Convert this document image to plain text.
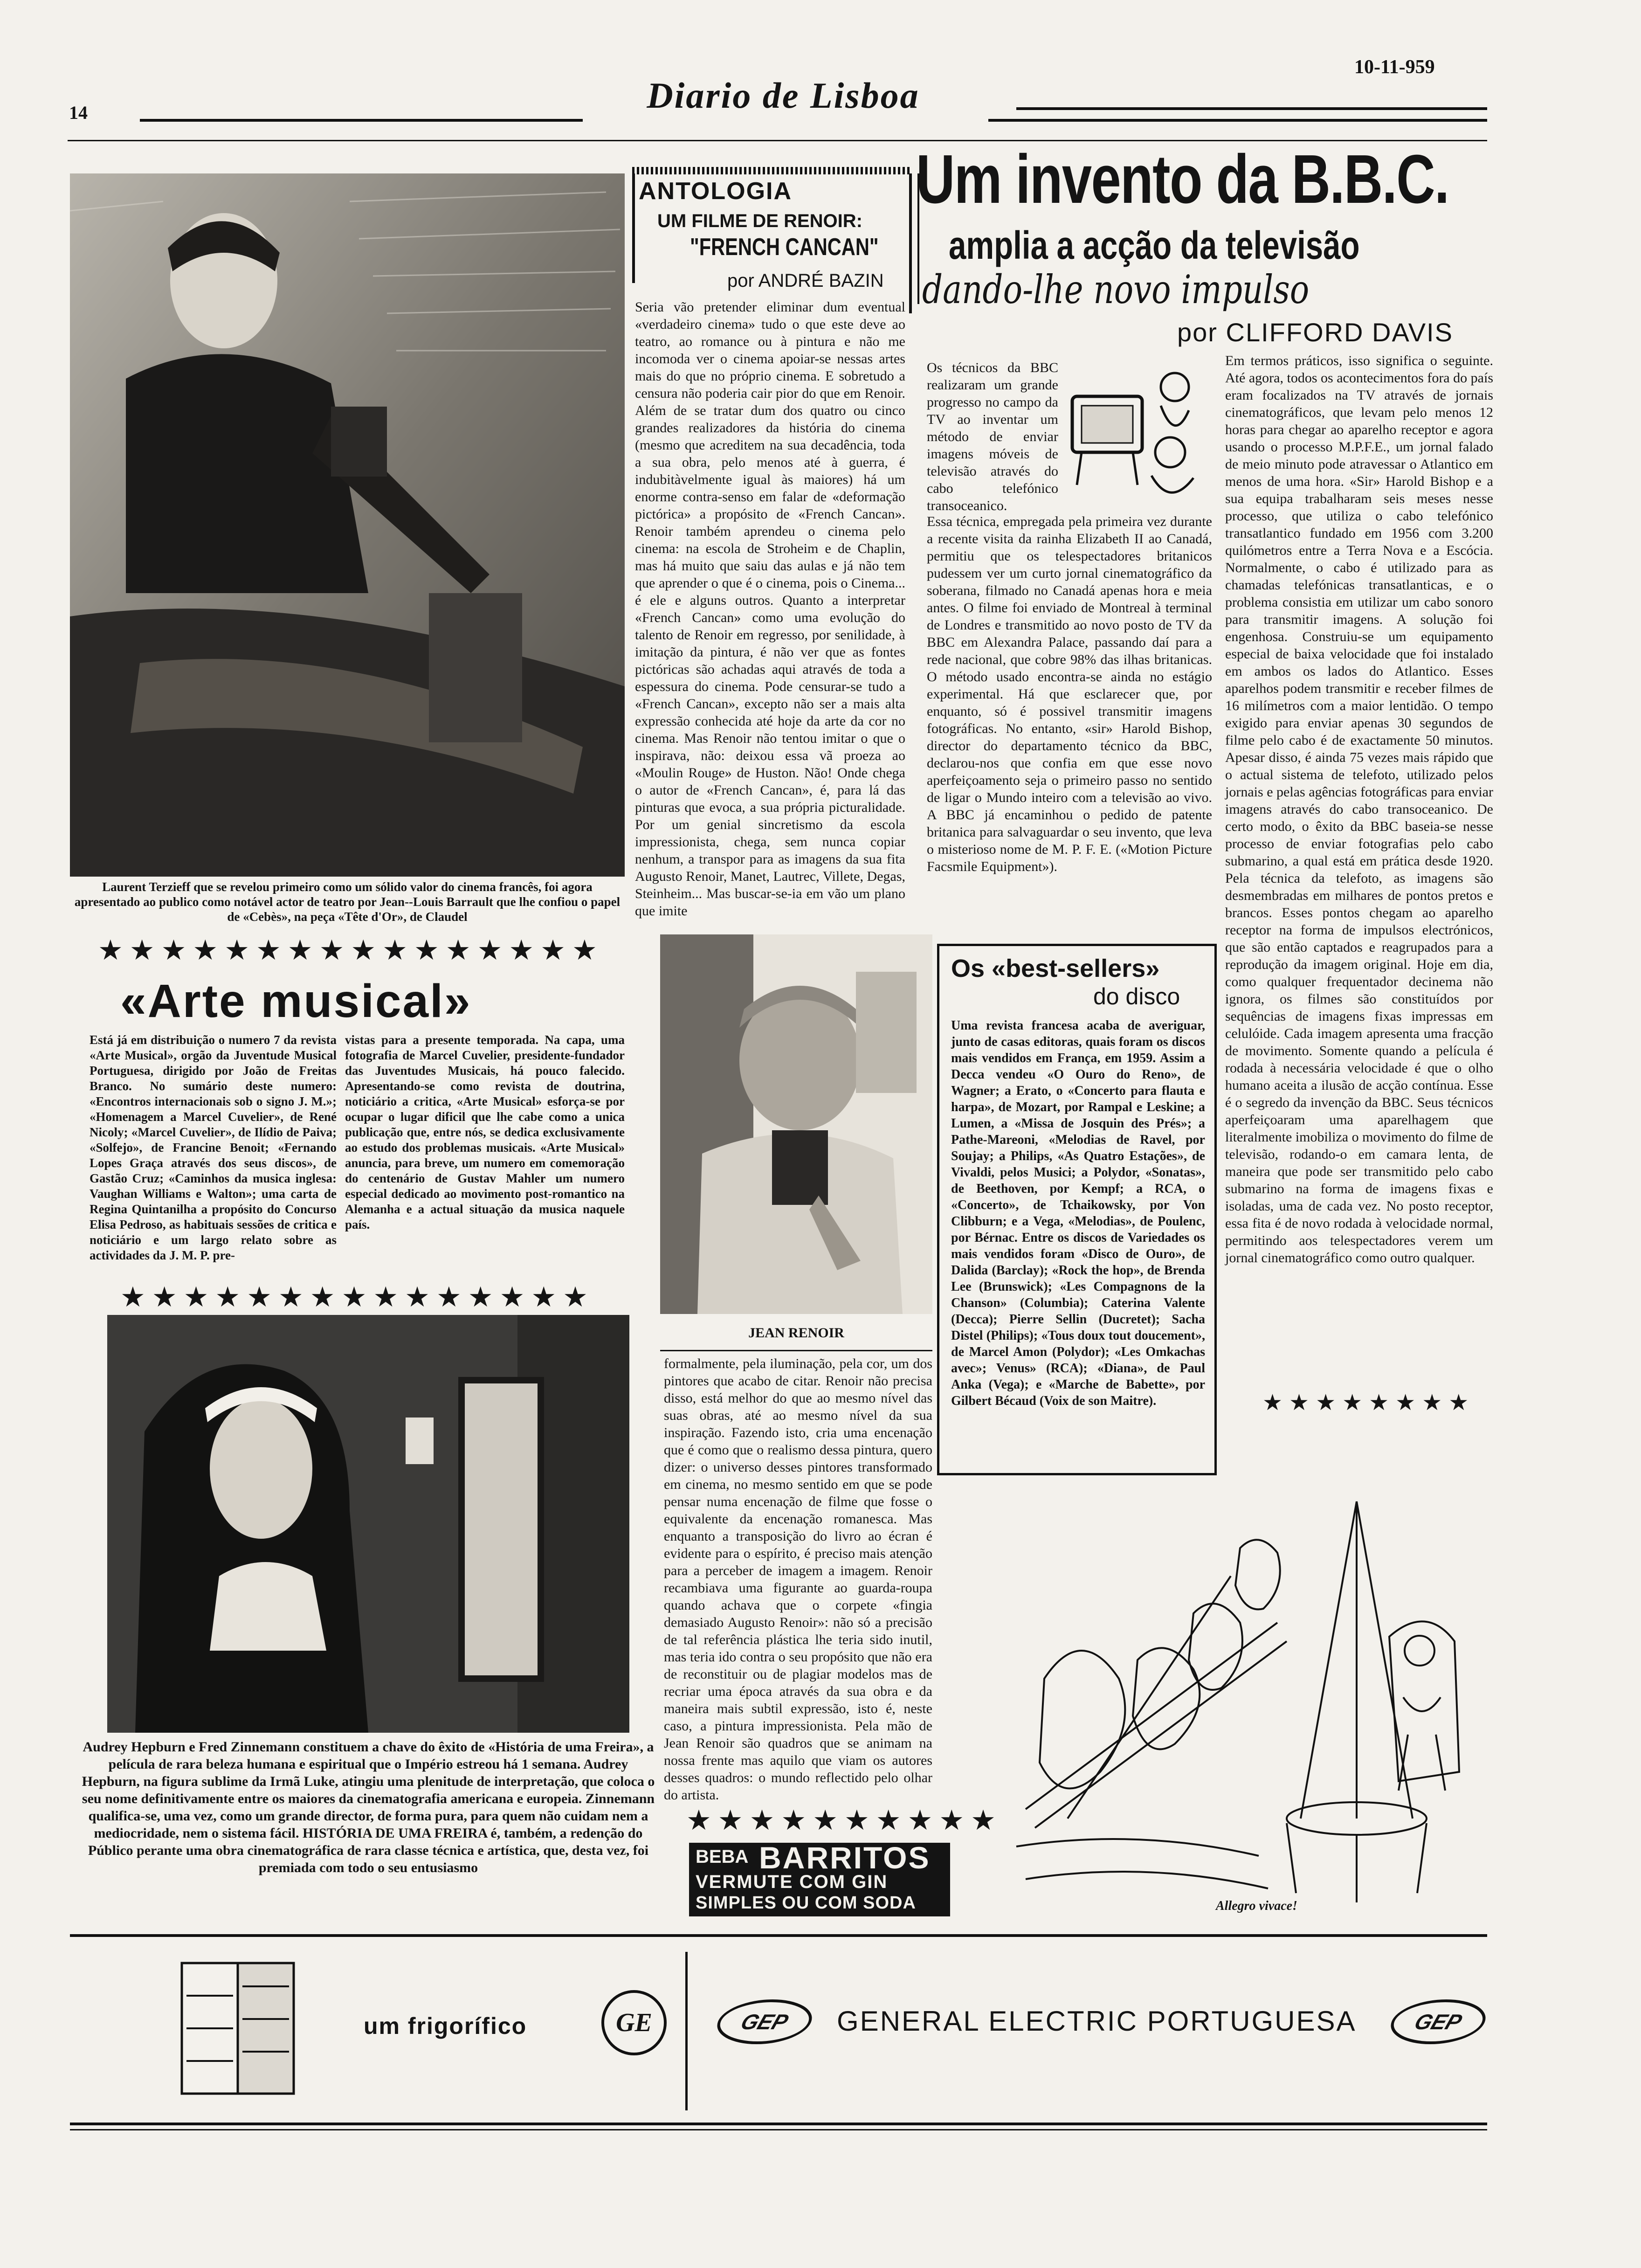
14	Diario de Lisboa
10-11-959
Laurent Terzieff que se revelou primeiro como um sólido valor do cinema francês, foi agora apresentado ao publico como notável actor de teatro por Jean--Louis Barrault que lhe confiou o papel de «Cebès», na peça «Tête d'Or», de Claudel
ANTOLOGIA
UM FILME DE RENOIR:
"FRENCH CANCAN"
por ANDRÉ BAZIN
Seria vão pretender eliminar dum eventual «verdadeiro cinema» tudo o que este deve ao teatro, ao romance ou à pintura e não me incomoda ver o cinema apoiar-se nessas artes mais do que no próprio cinema. E sobretudo a censura não poderia cair pior do que em Renoir. Além de se tratar dum dos quatro ou cinco grandes realizadores da história do cinema (mesmo que acreditem na sua decadência, toda a sua obra, pelo menos até à guerra, é indubitàvelmente igual às maiores) há um enorme contra-senso em falar de «deformação pictórica» a propósito de «French Cancan». Renoir também aprendeu o cinema pelo cinema: na escola de Stroheim e de Chaplin, mas há muito que saiu das aulas e já não tem que aprender o que é o cinema, pois o Cinema... é ele e alguns outros. Quanto a interpretar «French Cancan» como uma evolução do talento de Renoir em regresso, por senilidade, à imitação da pintura, é não ver que as fontes pictóricas são achadas aqui através de toda a espessura do cinema. Pode censurar-se tudo a «French Cancan», excepto não ser a mais alta expressão conhecida até hoje da arte da cor no cinema. Mas Renoir não tentou imitar o que o inspirava, não: deixou essa vã proeza ao «Moulin Rouge» de Huston. Não! Onde chega o autor de «French Cancan», é, para lá das pinturas que evoca, a sua própria picturalidade. Por um genial sincretismo da escola impressionista, chega, sem nunca copiar nenhum, a transpor para as imagens da sua fita Augusto Renoir, Manet, Lautrec, Villete, Degas, Steinheim... Mas buscar-se-ia em vão um plano que imite
JEAN RENOIR
formalmente, pela iluminação, pela cor, um dos pintores que acabo de citar. Renoir não precisa disso, está melhor do que ao mesmo nível das suas obras, até ao mesmo nível da sua inspiração. Fazendo isto, cria uma encenação que é como que o realismo dessa pintura, quero dizer: o universo desses pintores transformado em cinema, no mesmo sentido em que se pode pensar numa encenação de filme que fosse o equivalente da encenação romanesca. Mas enquanto a transposição do livro ao écran é evidente para o espírito, é preciso mais atenção para a perceber de imagem a imagem. Renoir recambiava uma figurante ao guarda-roupa quando achava que o corpete «fingia demasiado Augusto Renoir»: não só a precisão de tal referência plástica lhe teria sido inutil, mas teria ido contra o seu propósito que não era de reconstituir ou de plagiar modelos mas de recriar uma época através da sua obra e da maneira mais subtil expressão, isto é, neste caso, a pintura impressionista. Pela mão de Jean Renoir são quadros que se animam na nossa frente mas aquilo que viam os autores desses quadros: o mundo reflectido pelo olhar do artista.
★★★★★★★★★★
BEBA BARRITOS
VERMUTE COM GIN
SIMPLES OU COM SODA
Um invento da B.B.C.
amplia a acção da televisão
dando-lhe novo impulso
por CLIFFORD DAVIS
Os técnicos da BBC realizaram um grande progresso no campo da TV ao inventar um método de enviar imagens móveis de televisão através do cabo telefónico transoceanico.
Essa técnica, empregada pela primeira vez durante a recente visita da rainha Elizabeth II ao Canadá, permitiu que os telespectadores britanicos pudessem ver um curto jornal cinematográfico da soberana, filmado no Canadá apenas hora e meia antes. O filme foi enviado de Montreal à terminal de Londres e transmitido ao novo posto de TV da BBC em Alexandra Palace, passando daí para a rede nacional, que cobre 98% das ilhas britanicas. O método usado encontra-se ainda no estágio experimental. Há que esclarecer que, por enquanto, só é possivel transmitir imagens fotográficas. No entanto, «sir» Harold Bishop, director do departamento técnico da BBC, declarou-nos que confia em que esse novo aperfeiçoamento seja o primeiro passo no sentido de ligar o Mundo inteiro com a televisão ao vivo. A BBC já encaminhou o pedido de patente britanica para salvaguardar o seu invento, que leva o misterioso nome de M. P. F. E. («Motion Picture Facsmile Equipment»).
Em termos práticos, isso significa o seguinte. Até agora, todos os acontecimentos fora do país eram focalizados na TV através de jornais cinematográficos, que levam pelo menos 12 horas para chegar ao aparelho receptor e agora usando o processo M.P.F.E., um jornal falado de meio minuto pode atravessar o Atlantico em menos de uma hora. «Sir» Harold Bishop e a sua equipa trabalharam seis meses nesse processo, que utiliza o cabo telefónico transatlantico fundado em 1956 com 3.200 quilómetros entre a Terra Nova e a Escócia. Normalmente, o cabo é utilizado para as chamadas telefónicas transatlanticas, e o problema consistia em utilizar um cabo sonoro para transmitir imagens. A solução foi engenhosa. Construiu-se um equipamento especial de baixa velocidade que foi instalado em ambos os lados do Atlantico. Esses aparelhos podem transmitir e receber filmes de 16 milímetros com a maior lentidão. O tempo exigido para enviar apenas 30 segundos de filme pelo cabo é de exactamente 50 minutos. Apesar disso, é ainda 75 vezes mais rápido que o actual sistema de telefoto, utilizado pelos jornais e pelas agências fotográficas para enviar imagens através do cabo transoceanico. De certo modo, o êxito da BBC baseia-se nesse processo de enviar fotografias pelo cabo submarino, a qual está em prática desde 1920. Pela técnica da telefoto, as imagens são desmembradas em milhares de pontos pretos e brancos. Esses pontos chegam ao aparelho receptor na forma de impulsos electrónicos, que são então captados e reagrupados para a reprodução da imagem original. Hoje em dia, como qualquer frequentador decinema não ignora, os filmes são constituídos por sequências de imagens fixas impressas em celulóide. Cada imagem apresenta uma fracção de movimento. Somente quando a película é rodada à necessária velocidade é que o olho humano aceita a ilusão de acção contínua. Esse é o segredo da invenção da BBC. Seus técnicos aperfeiçoaram uma aparelhagem que literalmente imobiliza o movimento do filme de televisão, rodando-o em camara lenta, de maneira que pode ser transmitido pelo cabo submarino na forma de imagens fixas e isoladas, uma de cada vez. No posto receptor, essa fita é de novo rodada à velocidade normal, permitindo aos telespectadores verem um jornal cinematográfico como outro qualquer.
★★★★★★★★
Os «best-sellers»
do disco
Uma revista francesa acaba de averiguar, junto de casas editoras, quais foram os discos mais vendidos em França, em 1959. Assim a Decca vendeu «O Ouro do Reno», de Wagner; a Erato, o «Concerto para flauta e harpa», de Mozart, por Rampal e Leskine; a Lumen, a «Missa de Josquin des Prés»; a Pathe-Mareoni, «Melodias de Ravel, por Soujay; a Philips, «As Quatro Estações», de Vivaldi, pelos Musici; a Polydor, «Sonatas», de Beethoven, por Kempf; a RCA, o «Concerto», de Tchaikowsky, por Von Clibburn; e a Vega, «Melodias», de Poulenc, por Bérnac. Entre os discos de Variedades os mais vendidos foram «Disco de Ouro», de Dalida (Barclay); «Rock the hop», de Brenda Lee (Brunswick); «Les Compagnons de la Chanson» (Columbia); Caterina Valente (Decca); Pierre Sellin (Ducretet); Sacha Distel (Philips); «Tous doux tout doucement», de Marcel Amon (Polydor); «Les Omkachas avec»; Venus» (RCA); «Diana», de Paul Anka (Vega); e «Marche de Babette», por Gilbert Bécaud (Voix de son Maitre).
Allegro vivace!
★★★★★★★★★★★★★★★★
«Arte musical»
Está já em distribuição o numero 7 da revista «Arte Musical», orgão da Juventude Musical Portuguesa, dirigido por João de Freitas Branco. No sumário deste numero: «Encontros internacionais sob o signo J. M.»; «Homenagem a Marcel Cuvelier», de René Nicoly; «Marcel Cuvelier», de Ilídio de Paiva; «Solfejo», de Francine Benoit; «Fernando Lopes Graça através dos seus discos», de Gastão Cruz; «Caminhos da musica inglesa: Vaughan Williams e Walton»; uma carta de Regina Quintanilha a propósito do Concurso Elisa Pedroso, as habituais sessões de critica e noticiário e um largo relato sobre as actividades da J. M. P. pre-
vistas para a presente temporada. Na capa, uma fotografia de Marcel Cuvelier, presidente-fundador das Juventudes Musicais, há pouco falecido. Apresentando-se como revista de doutrina, noticiário a critica, «Arte Musical» esforça-se por ocupar o lugar dificil que lhe cabe como a unica publicação que, entre nós, se dedica exclusivamente ao estudo dos problemas musicais. «Arte Musical» anuncia, para breve, um numero em comemoração do centenário de Gustav Mahler um numero especial dedicado ao movimento post-romantico na Alemanha e a actual situação da musica naquele país.
★★★★★★★★★★★★★★★
Audrey Hepburn e Fred Zinnemann constituem a chave do êxito de «História de uma Freira», a película de rara beleza humana e espiritual que o Império estreou há 1 semana. Audrey Hepburn, na figura sublime da Irmã Luke, atingiu uma plenitude de interpretação, que coloca o seu nome definitivamente entre os maiores da cinematografia americana e europeia. Zinnemann qualifica-se, uma vez, como um grande director, de forma pura, para quem não cuidam nem a mediocridade, nem o sistema fácil. HISTÓRIA DE UMA FREIRA é, também, a redenção do Público perante uma obra cinematográfica de rara classe técnica e artística, que, desta vez, foi premiada com todo o seu entusiasmo
um frigorífico	GE	GEP GENERAL ELECTRIC PORTUGUESA	GEP
